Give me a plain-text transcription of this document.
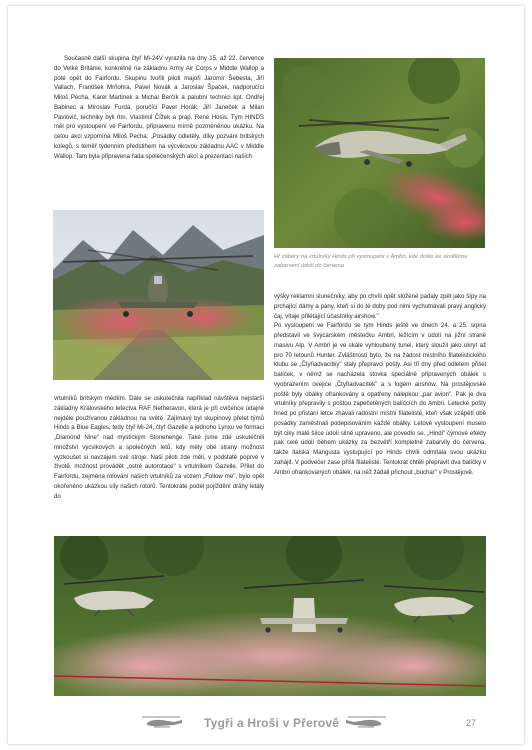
Současně další skupina čtyř Mi-24V vyrazila na dny 15. až 22. července do Velké Británie, konkrétně na základnu Army Air Corps v Middle Wallop a poté opět do Fairfordu. Skupinu tvořili piloti majoři Jaromír Šebesta, Jiří Vallach, František Mrňohra, Pavel Novák a Jaroslav Špaček, nadporučíci Miloš Pecha, Karel Martinek a Michal Berčík a palubní technici kpt. Ondřej Babinec a Miroslav Furda, poručíci Pavel Horák, Jiří Janeček a Milan Pavlovič, techniky byli rtm. Vlastimil Čížek a prap. René Hosis. Tým HINDS měl pro vystoupení ve Fairfordu, připravenu mírně pozměněnou ukázku. Na celou akci vzpomíná Miloš Pecha: „Posádky odletěly, díky pozvání britských kolegů, s téměř týdenním předstihem na výcvikovou základnu AAC v Middle Wallop. Tam byla připravena řada společenských akcí a prezentací našich
Hř záběry na vrtulníky Hinds při vystoupení v Ambri, kde došlo ke skvělému zabarvení údolí do červena
vrtulníků britským médiím. Dále se uskutečnila například návštěva nejstarší základny Královského letectva RAF Netheravon, která je při cvičence údajně nejdéle používanou základnou na světě. Zajímavý byl skupinový přelet týmů Hinds a Blue Eagles, tedy čtyř Mi-24, čtyř Gazelle a jednoho Lynxu ve formaci „Diamond Nine" nad mystickým Stonehenge. Také jsme zde uskutečnili množství výcvikových a společných letů, kdy měly obě strany možnost vyzkoušet si navzájem své stroje. Naši piloti zde měli, v podstatě poprvé v životě, možnost provádět „ostré autorotace" s vrtulníkem Gazelle. Přílet do Fairfordu, zejména rolování našich vrtulníků za vozem „Follow me", bylo opět okořeněno ukázkou síly našich rotorů. Tentokráte podél pojíždění dráhy letály do
výšky reklamní slunečníky, aby po chvíli opět složené padaly zpět jako šípy na prchající dámy a pány, kteří si do té doby pod nimi vychutnávali pravý anglický čaj, vítaje přilétající účastníky airshow."
Po vystoupení ve Fairfordu se tým Hinds ještě ve dnech 24. a 25. srpna představil ve švýcarském městečku Ambri, ležícím v údolí na jižní straně masivu Alp. V Ambri je ve skále vyhloubený tunel, který sloužil jako úkryt až pro 70 letounů Hunter. Zvláštností bylo, že na žádost místního filatelistického klubu se „Čtyřiadvacítky" staly přepravci pošty. Asi tři dny před odletem přišel balíček, v němž se nacházela stovka speciálně připravených obálek s vyobrazením ovejice „Čtyřiadvacítek" a s logem airshow. Na prostějovské poště byly obálky ofrankovány a opatřeny nálepkou „par avion". Pak je dva vrtulníky přepravily s poštou zapečetěných balíčcích do Ambri. Letecké pošty hned po přistání letce zhavali radostní místní filatelisté, kteří však vzápětí obě posádky zaměstnali podepisováním každé obálky. Letové vystoupení muselo být ciky malé šílce údolí silně upraveno, ale povedlo se. „Hindi" čýmové efekty pak celé údolí během ukázky za bezvětří kompletně zabarvily do červena, takže italská Mangusta vystupující po Hinds chvíli odmítala svou ukázku zahájit. V podvečer zase přišli filatelisté. Tentokrát chtěli přepravit dva balíčky v Ambri ofrankovaných obálek, na něž žádali přichout „buchar" v Prostějově.
Tygři a Hroši v Přerově	27
